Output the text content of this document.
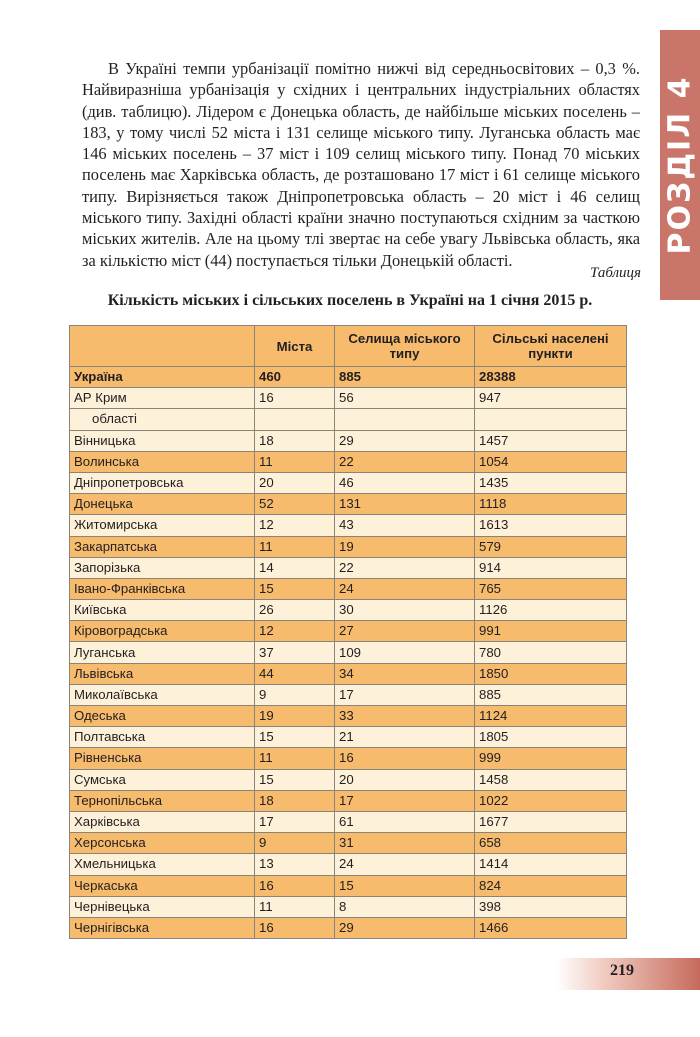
РОЗДІЛ 4

В Україні темпи урбанізації помітно нижчі від середньосвітових – 0,3 %. Найвиразніша урбанізація у східних і центральних індустріальних областях (див. таблицю). Лідером є Донецька область, де найбільше міських поселень – 183, у тому числі 52 міста і 131 селище міського типу. Луганська область має 146 міських поселень – 37 міст і 109 селищ міського типу. Понад 70 міських поселень має Харківська область, де розташовано 17 міст і 61 селище міського типу. Вирізняється також Дніпропетровська область – 20 міст і 46 селищ міського типу. Західні області країни значно поступаються східним за часткою міських жителів. Але на цьому тлі звертає на себе увагу Львівська область, яка за кількістю міст (44) поступається тільки Донецькій області.

Таблиця
Кількість міських і сільських поселень в Україні на 1 січня 2015 р.
	Міста	Селища міського типу	Сільські населені пункти
Україна	460	885	28388
АР Крим	16	56	947
області			
Вінницька	18	29	1457
Волинська	11	22	1054
Дніпропетровська	20	46	1435
Донецька	52	131	1118
Житомирська	12	43	1613
Закарпатська	11	19	579
Запорізька	14	22	914
Івано-Франківська	15	24	765
Київська	26	30	1126
Кіровоградська	12	27	991
Луганська	37	109	780
Львівська	44	34	1850
Миколаївська	9	17	885
Одеська	19	33	1124
Полтавська	15	21	1805
Рівненська	11	16	999
Сумська	15	20	1458
Тернопільська	18	17	1022
Харківська	17	61	1677
Херсонська	9	31	658
Хмельницька	13	24	1414
Черкаська	16	15	824
Чернівецька	11	8	398
Чернігівська	16	29	1466
219
